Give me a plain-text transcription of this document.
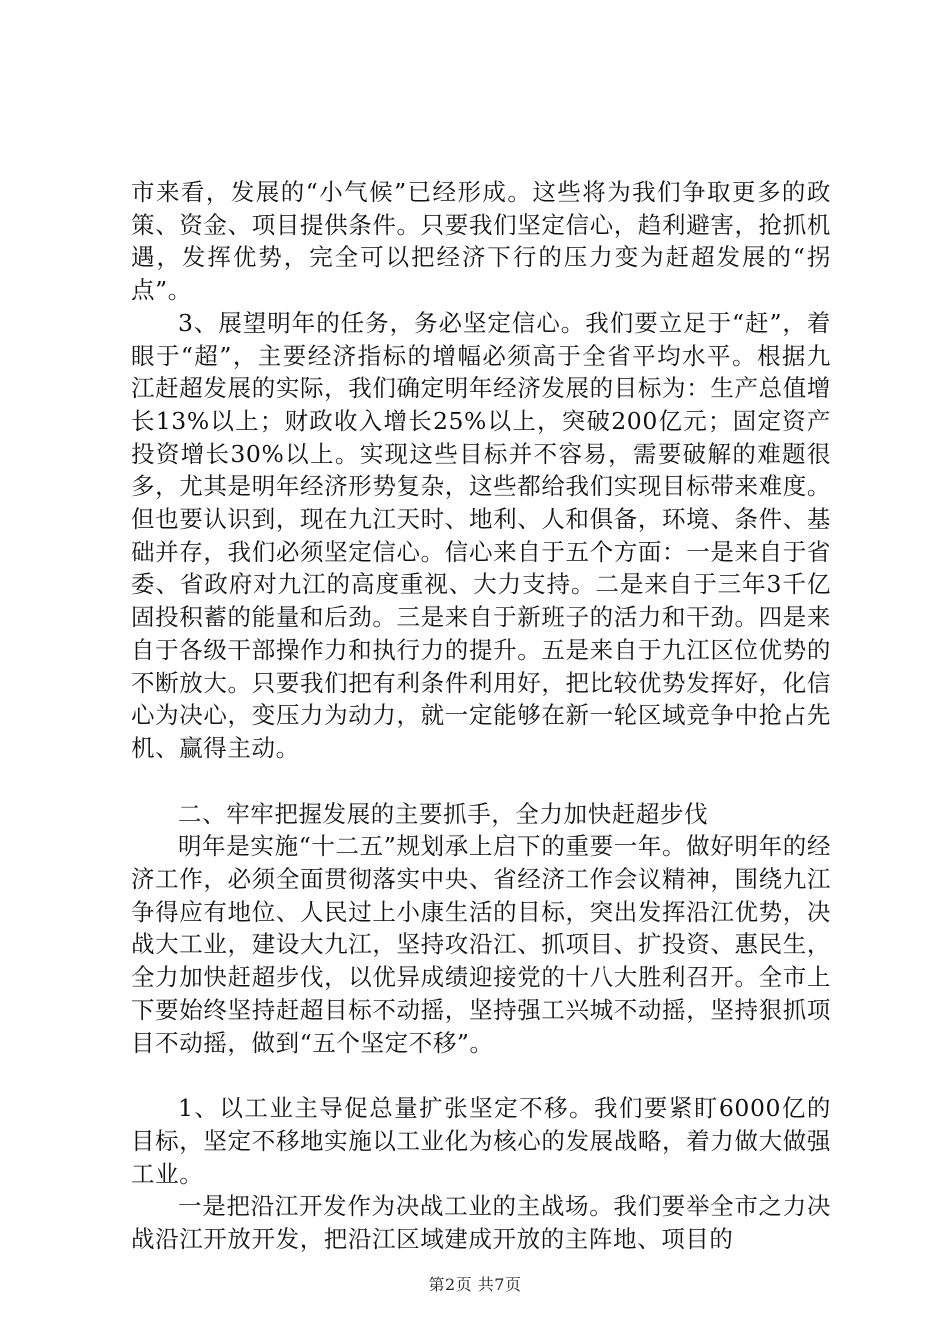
市来看，发展的“小气候”已经形成。这些将为我们争取更多的政策、资金、项目提供条件。只要我们坚定信心，趋利避害，抢抓机遇，发挥优势，完全可以把经济下行的压力变为赶超发展的“拐点”。

3、展望明年的任务，务必坚定信心。我们要立足于“赶”，着眼于“超”，主要经济指标的增幅必须高于全省平均水平。根据九江赶超发展的实际，我们确定明年经济发展的目标为：生产总值增长13%以上；财政收入增长25%以上，突破200亿元；固定资产投资增长30%以上。实现这些目标并不容易，需要破解的难题很多，尤其是明年经济形势复杂，这些都给我们实现目标带来难度。但也要认识到，现在九江天时、地利、人和俱备，环境、条件、基础并存，我们必须坚定信心。信心来自于五个方面：一是来自于省委、省政府对九江的高度重视、大力支持。二是来自于三年3千亿固投积蓄的能量和后劲。三是来自于新班子的活力和干劲。四是来自于各级干部操作力和执行力的提升。五是来自于九江区位优势的不断放大。只要我们把有利条件利用好，把比较优势发挥好，化信心为决心，变压力为动力，就一定能够在新一轮区域竞争中抢占先机、赢得主动。

二、牢牢把握发展的主要抓手，全力加快赶超步伐

明年是实施“十二五”规划承上启下的重要一年。做好明年的经济工作，必须全面贯彻落实中央、省经济工作会议精神，围绕九江争得应有地位、人民过上小康生活的目标，突出发挥沿江优势，决战大工业，建设大九江，坚持攻沿江、抓项目、扩投资、惠民生，全力加快赶超步伐，以优异成绩迎接党的十八大胜利召开。全市上下要始终坚持赶超目标不动摇，坚持强工兴城不动摇，坚持狠抓项目不动摇，做到“五个坚定不移”。

1、以工业主导促总量扩张坚定不移。我们要紧盯6000亿的目标，坚定不移地实施以工业化为核心的发展战略，着力做大做强工业。

一是把沿江开发作为决战工业的主战场。我们要举全市之力决战沿江开放开发，把沿江区域建成开放的主阵地、项目的

第2页 共7页
